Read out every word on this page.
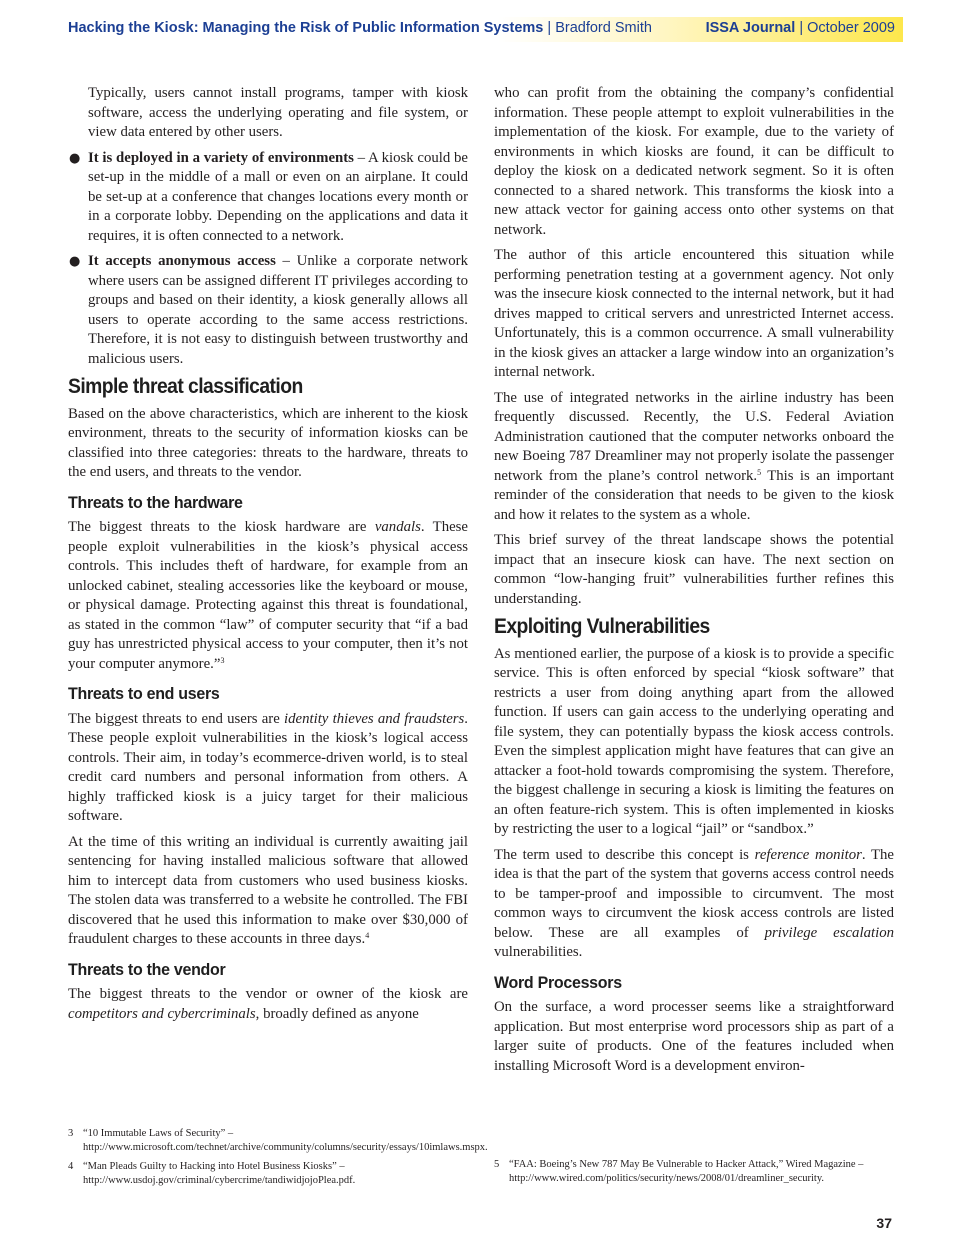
Hacking the Kiosk: Managing the Risk of Public Information Systems | Bradford Smith	ISSA Journal | October 2009

Typically, users cannot install programs, tamper with kiosk software, access the underlying operating and file system, or view data entered by other users.

● It is deployed in a variety of environments – A kiosk could be set-up in the middle of a mall or even on an airplane. It could be set-up at a conference that changes locations every month or in a corporate lobby. Depending on the applications and data it requires, it is often connected to a network.
● It accepts anonymous access – Unlike a corporate network where users can be assigned different IT privileges according to groups and based on their identity, a kiosk generally allows all users to operate according to the same access restrictions. Therefore, it is not easy to distinguish between trustworthy and malicious users.
Simple threat classification

Based on the above characteristics, which are inherent to the kiosk environment, threats to the security of information kiosks can be classified into three categories: threats to the hardware, threats to the end users, and threats to the vendor.

Threats to the hardware

The biggest threats to the kiosk hardware are vandals. These people exploit vulnerabilities in the kiosk’s physical access controls. This includes theft of hardware, for example from an unlocked cabinet, stealing accessories like the keyboard or mouse, or physical damage. Protecting against this threat is foundational, as stated in the common “law” of computer security that “if a bad guy has unrestricted physical access to your computer, then it’s not your computer anymore.”$^3$

Threats to end users

The biggest threats to end users are identity thieves and fraudsters. These people exploit vulnerabilities in the kiosk’s logical access controls. Their aim, in today’s ecommerce-driven world, is to steal credit card numbers and personal information from others. A highly trafficked kiosk is a juicy target for their malicious software.

At the time of this writing an individual is currently awaiting jail sentencing for having installed malicious software that allowed him to intercept data from customers who used business kiosks. The stolen data was transferred to a website he controlled. The FBI discovered that he used this information to make over $30,000 of fraudulent charges to these accounts in three days.$^4$

Threats to the vendor

The biggest threats to the vendor or owner of the kiosk are competitors and cybercriminals, broadly defined as anyone

who can profit from the obtaining the company’s confidential information. These people attempt to exploit vulnerabilities in the implementation of the kiosk. For example, due to the variety of environments in which kiosks are found, it can be difficult to deploy the kiosk on a dedicated network segment. So it is often connected to a shared network. This transforms the kiosk into a new attack vector for gaining access onto other systems on that network.

The author of this article encountered this situation while performing penetration testing at a government agency. Not only was the insecure kiosk connected to the internal network, but it had drives mapped to critical servers and unrestricted Internet access. Unfortunately, this is a common occurrence. A small vulnerability in the kiosk gives an attacker a large window into an organization’s internal network.

The use of integrated networks in the airline industry has been frequently discussed. Recently, the U.S. Federal Aviation Administration cautioned that the computer networks onboard the new Boeing 787 Dreamliner may not properly isolate the passenger network from the plane’s control network.$^5$ This is an important reminder of the consideration that needs to be given to the kiosk and how it relates to the system as a whole.

This brief survey of the threat landscape shows the potential impact that an insecure kiosk can have. The next section on common “low-hanging fruit” vulnerabilities further refines this understanding.

Exploiting Vulnerabilities

As mentioned earlier, the purpose of a kiosk is to provide a specific service. This is often enforced by special “kiosk software” that restricts a user from doing anything apart from the allowed function. If users can gain access to the underlying operating and file system, they can potentially bypass the kiosk access controls. Even the simplest application might have features that can give an attacker a foot-hold towards compromising the system. Therefore, the biggest challenge in securing a kiosk is limiting the features on an often feature-rich system. This is often implemented in kiosks by restricting the user to a logical “jail” or “sandbox.”

The term used to describe this concept is reference monitor. The idea is that the part of the system that governs access control needs to be tamper-proof and impossible to circumvent. The most common ways to circumvent the kiosk access controls are listed below. These are all examples of privilege escalation vulnerabilities.

Word Processors

On the surface, a word processer seems like a straightforward application. But most enterprise word processors ship as part of a larger suite of products. One of the features included when installing Microsoft Word is a development environ-

3 “10 Immutable Laws of Security” – http://www.microsoft.com/technet/archive/community/columns/security/essays/10imlaws.mspx.
4 “Man Pleads Guilty to Hacking into Hotel Business Kiosks” – http://www.usdoj.gov/criminal/cybercrime/tandiwidjojoPlea.pdf.
5 “FAA: Boeing’s New 787 May Be Vulnerable to Hacker Attack,” Wired Magazine – http://www.wired.com/politics/security/news/2008/01/dreamliner_security.
37
